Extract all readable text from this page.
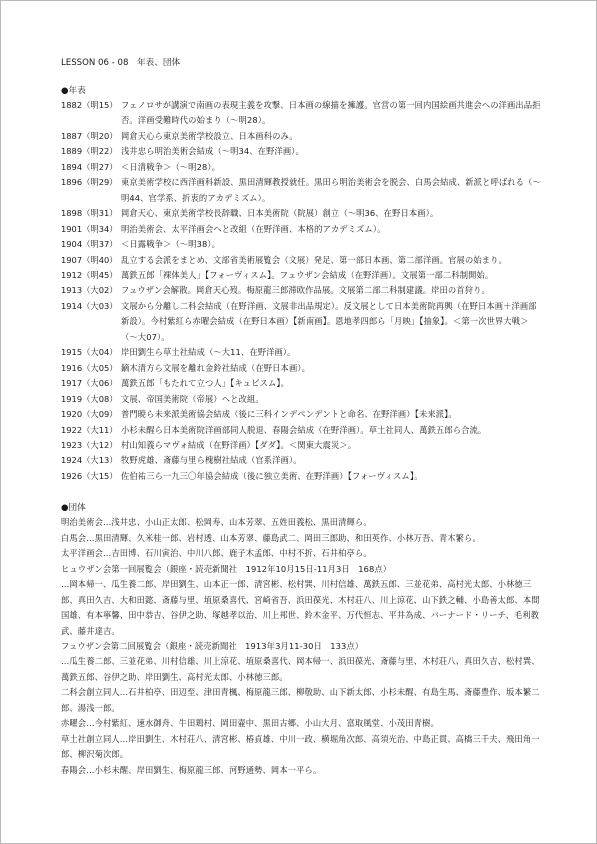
LESSON 06 - 08　年表、団体
●年表
1882（明15） フェノロサが講演で南画の表現主義を攻撃、日本画の線描を擁護。官営の第一回内国絵画共進会への洋画出品拒否。洋画受難時代の始まり（〜明28）。
1887（明20） 岡倉天心ら東京美術学校設立、日本画科のみ。
1889（明22） 浅井忠ら明治美術会結成（〜明34、在野洋画）。
1894（明27） ＜日清戦争＞（〜明28）。
1896（明29） 東京美術学校に西洋画科新設、黒田清輝教授就任。黒田ら明治美術会を脱会、白馬会結成、新派と呼ばれる（〜明44、官学系、折衷的アカデミズム）。
1898（明31） 岡倉天心、東京美術学校長辞職、日本美術院（院展）創立（〜明36、在野日本画）。
1901（明34） 明治美術会、太平洋画会へと改組（在野洋画、本格的アカデミズム）。
1904（明37） ＜日露戦争＞（〜明38）。
1907（明40） 乱立する会派をまとめ、文部省美術展覧会（文展）発足、第一部日本画、第二部洋画。官展の始まり。
1912（明45） 萬鉄五郎「裸体美人」【フォーヴィスム】。フュウザン会結成（在野洋画）。文展第一部二科制開始。
1913（大02） フュウザン会解散。岡倉天心歿。梅原龍三郎滞欧作品展。文展第二部二科制建議。岸田の首狩り。
1914（大03） 文展から分離し二科会結成（在野洋画、文展非出品規定）。反文展として日本美術院再興（在野日本画＋洋画部新設）。今村紫紅ら赤曜会結成（在野日本画）【新南画】。恩地孝四郎ら「月映」【抽象】。＜第一次世界大戦＞（〜大07）。
1915（大04） 岸田劉生ら草土社結成（〜大11、在野洋画）。
1916（大05） 鏑木清方ら文展を離れ金鈴社結成（在野日本画）。
1917（大06） 萬鉄五郎「もたれて立つ人」【キュビスム】。
1919（大08） 文展、帝国美術院（帝展）へと改組。
1920（大09） 普門暁ら未来派美術協会結成（後に三科インデペンデントと命名、在野洋画）【未来派】。
1922（大11） 小杉未醒ら日本美術院洋画部同人脱退、春陽会結成（在野洋画）。草土社同人、萬鉄五郎ら合流。
1923（大12） 村山知義らマヴォ結成（在野洋画）【ダダ】。＜関東大震災＞。
1924（大13） 牧野虎雄、斎藤与里ら槐樹社結成（官系洋画）。
1926（大15） 佐伯祐三ら一九三〇年協会結成（後に独立美術、在野洋画）【フォーヴィスム】。
●団体
明治美術会…浅井忠、小山正太郎、松岡寿、山本芳翠、五姓田義松、黒田清輝ら。
白馬会…黒田清輝、久米桂一郎、岩村透、山本芳翠、藤島武二、岡田三郎助、和田英作、小林万吾、青木繁ら。
太平洋画会…吉田博、石川寅治、中川八郎、鹿子木孟郎、中村不折、石井柏亭ら。
ヒュウザン会第一回展覧会（銀座・読売新聞社　1912年10月15日-11月3日　168点）
…岡本帰一、瓜生養二郎、岸田劉生、山本正一郎、清宮彬、松村巽、川村信雄、萬鉄五郎、三並花弟、高村光太郎、小林徳三郎、真田久吉、大和田懿、斎藤与里、埴原桑喜代、宮崎省吾、浜田葆光、木村荘八、川上涼花、山下鉄之輔、小島善太郎、本間国雄、有本寧馨、田中恭吉、谷伊之助、塚越孝以治、川上邦世、鈴木金平、万代恒志、平井為成、バーナード・リーチ、毛利教武、藤井達吉。
フュウザン会第二回展覧会（銀座・読売新聞社　1913年3月11-30日　133点）
…瓜生養二郎、三並花弟、川村信雄、川上涼花、埴原桑喜代、岡本帰一、浜田葆光、斎藤与里、木村荘八、真田久吉、松村巽、萬鉄五郎、谷伊之助、岸田劉生、高村光太郎、小林徳三郎。
二科会創立同人…石井柏亭、田辺至、津田青楓、梅原龍三郎、柳敬助、山下新太郎、小杉未醒、有島生馬、斎藤豊作、坂本繁二郎、湯浅一郎。
赤曜会…今村紫紅、速水御舟、牛田鶏村、岡田壷中、黒田古郷、小山大月、富取風堂、小茂田青樹。
草土社創立同人…岸田劉生、木村荘八、清宮彬、椿貞雄、中川一政、横堀角次郎、高須光治、中島正貫、高橋三千夫、飛田角一郎、柳沢菊次郎。
春陽会…小杉未醒、岸田劉生、梅原龍三郎、河野通勢、岡本一平ら。
